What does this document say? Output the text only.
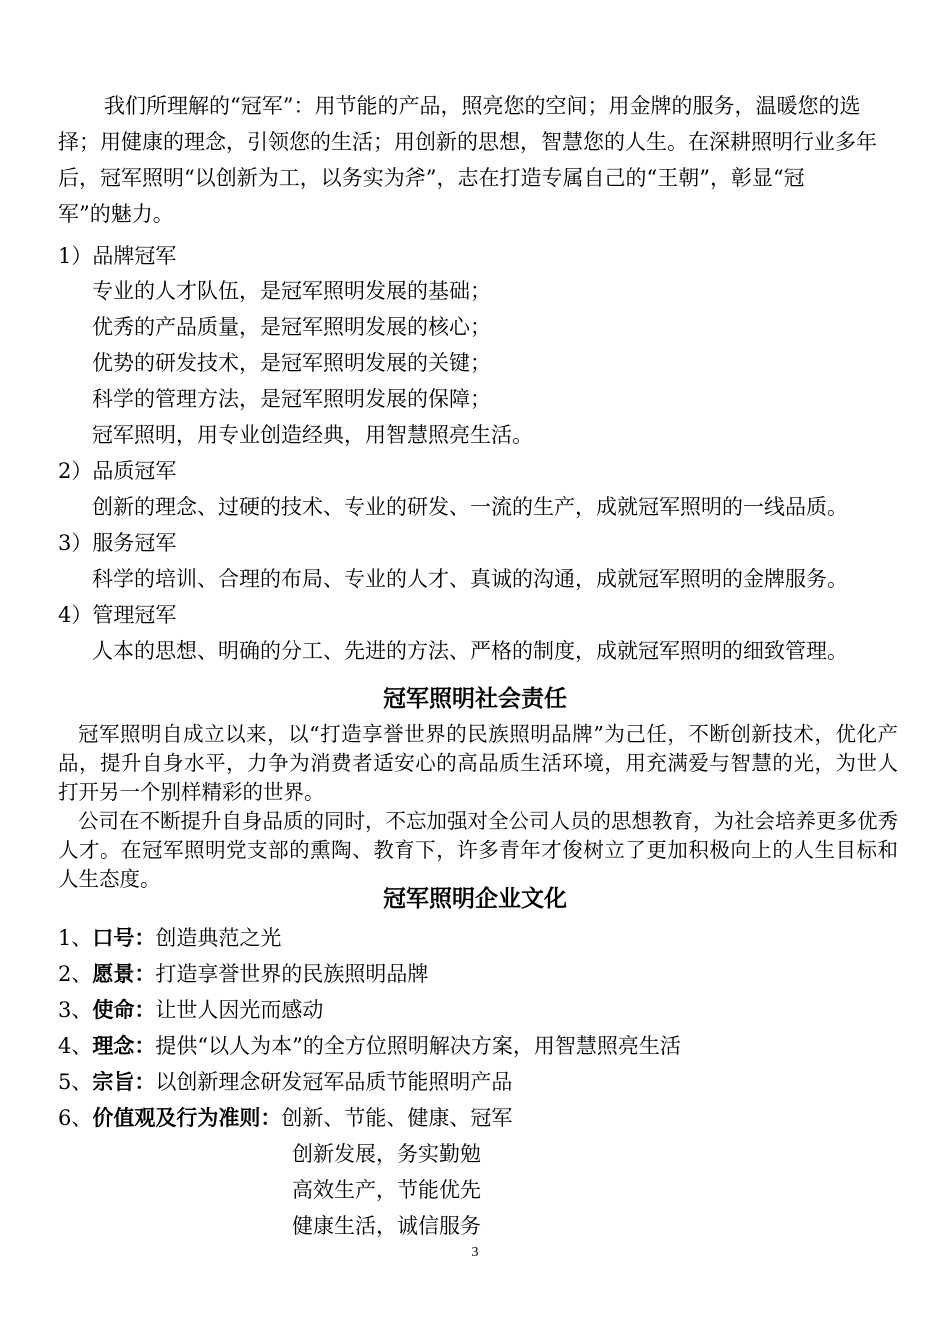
我们所理解的“冠军”：用节能的产品，照亮您的空间；用金牌的服务，温暖您的选

择；用健康的理念，引领您的生活；用创新的思想，智慧您的人生。在深耕照明行业多年

后，冠军照明“以创新为工，以务实为斧”，志在打造专属自己的“王朝”，彰显“冠

军”的魅力。

1）品牌冠军

专业的人才队伍，是冠军照明发展的基础；

优秀的产品质量，是冠军照明发展的核心；

优势的研发技术，是冠军照明发展的关键；

科学的管理方法，是冠军照明发展的保障；

冠军照明，用专业创造经典，用智慧照亮生活。

2）品质冠军

创新的理念、过硬的技术、专业的研发、一流的生产，成就冠军照明的一线品质。

3）服务冠军

科学的培训、合理的布局、专业的人才、真诚的沟通，成就冠军照明的金牌服务。

4）管理冠军

人本的思想、明确的分工、先进的方法、严格的制度，成就冠军照明的细致管理。

冠军照明社会责任

冠军照明自成立以来，以“打造享誉世界的民族照明品牌”为己任，不断创新技术，优化产品，提升自身水平，力争为消费者适安心的高品质生活环境，用充满爱与智慧的光，为世人打开另一个别样精彩的世界。

公司在不断提升自身品质的同时，不忘加强对全公司人员的思想教育，为社会培养更多优秀人才。在冠军照明党支部的熏陶、教育下，许多青年才俊树立了更加积极向上的人生目标和人生态度。

冠军照明企业文化

1、口号：创造典范之光

2、愿景：打造享誉世界的民族照明品牌

3、使命：让世人因光而感动

4、理念：提供“以人为本”的全方位照明解决方案，用智慧照亮生活

5、宗旨：以创新理念研发冠军品质节能照明产品

6、价值观及行为准则：创新、节能、健康、冠军

创新发展，务实勤勉

高效生产，节能优先

健康生活，诚信服务

3
